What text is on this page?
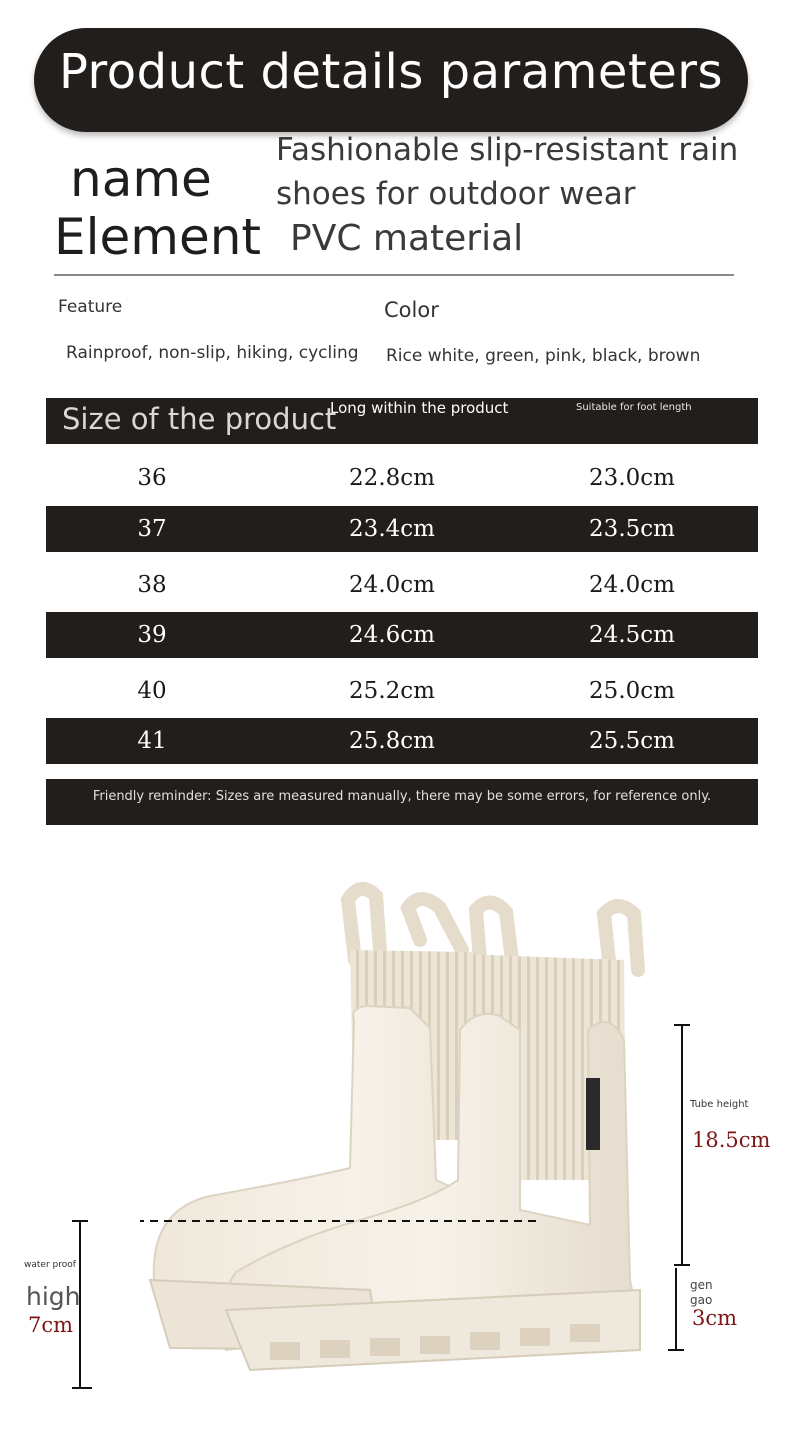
Product details parameters
name Fashionable slip-resistant rain shoes for outdoor wear
Element PVC material
Feature
Rainproof, non-slip, hiking, cycling
Color
Rice white, green, pink, black, brown
Size of the product
Long within the product	Suitable for foot length
36	22.8cm	23.0cm
37	23.4cm	23.5cm
38	24.0cm	24.0cm
39	24.6cm	24.5cm
40	25.2cm	25.0cm
41	25.8cm	25.5cm
Friendly reminder: Sizes are measured manually, there may be some errors, for reference only.
Tube height
18.5cm
gen gao
3cm
water proof
high
7cm
